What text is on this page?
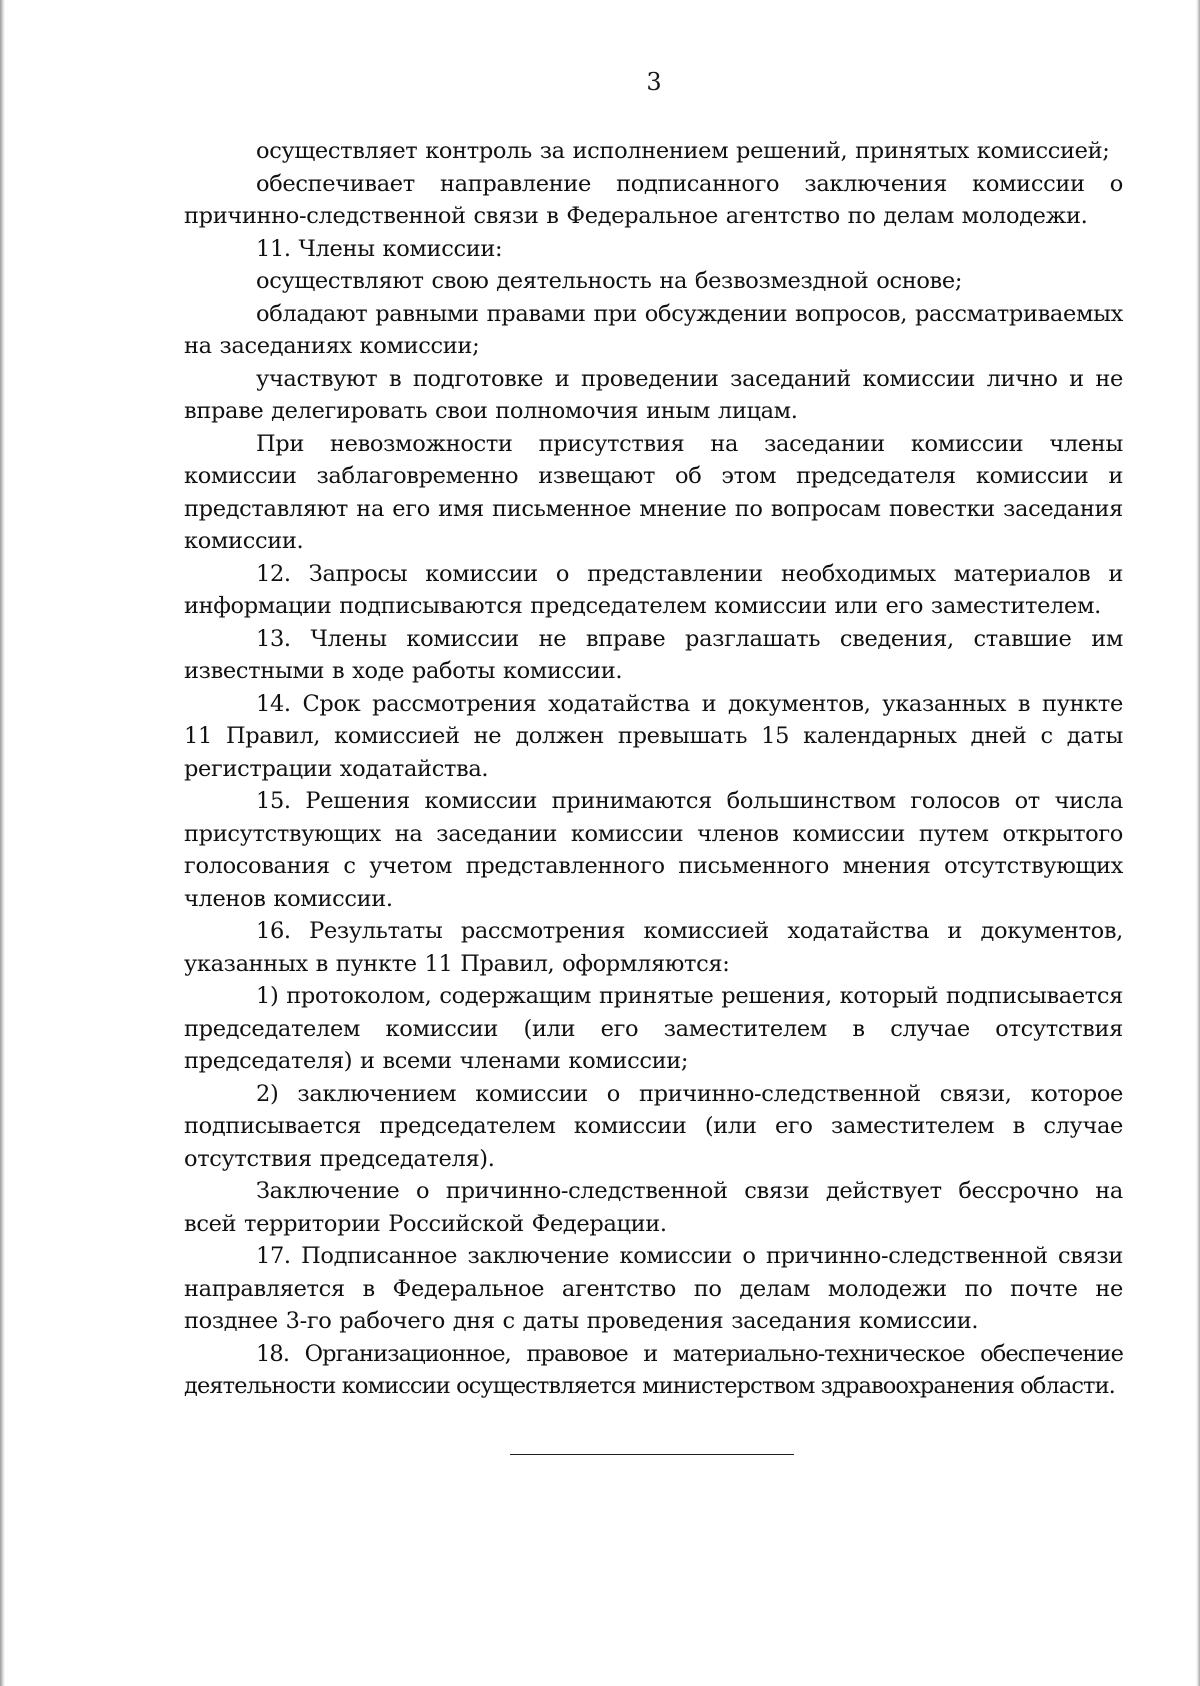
3

осуществляет контроль за исполнением решений, принятых комиссией;

обеспечивает направление подписанного заключения комиссии о причинно-следственной связи в Федеральное агентство по делам молодежи.

11. Члены комиссии:

осуществляют свою деятельность на безвозмездной основе;

обладают равными правами при обсуждении вопросов, рассматриваемых на заседаниях комиссии;

участвуют в подготовке и проведении заседаний комиссии лично и не вправе делегировать свои полномочия иным лицам.

При невозможности присутствия на заседании комиссии члены комиссии заблаговременно извещают об этом председателя комиссии и представляют на его имя письменное мнение по вопросам повестки заседания комиссии.

12. Запросы комиссии о представлении необходимых материалов и информации подписываются председателем комиссии или его заместителем.

13. Члены комиссии не вправе разглашать сведения, ставшие им известными в ходе работы комиссии.

14. Срок рассмотрения ходатайства и документов, указанных в пункте 11 Правил, комиссией не должен превышать 15 календарных дней с даты регистрации ходатайства.

15. Решения комиссии принимаются большинством голосов от числа присутствующих на заседании комиссии членов комиссии путем открытого голосования с учетом представленного письменного мнения отсутствующих членов комиссии.

16. Результаты рассмотрения комиссией ходатайства и документов, указанных в пункте 11 Правил, оформляются:

1) протоколом, содержащим принятые решения, который подписывается председателем комиссии (или его заместителем в случае отсутствия председателя) и всеми членами комиссии;

2) заключением комиссии о причинно-следственной связи, которое подписывается председателем комиссии (или его заместителем в случае отсутствия председателя).

Заключение о причинно-следственной связи действует бессрочно на всей территории Российской Федерации.

17. Подписанное заключение комиссии о причинно-следственной связи направляется в Федеральное агентство по делам молодежи по почте не позднее 3-го рабочего дня с даты проведения заседания комиссии.

18. Организационное, правовое и материально-техническое обеспечение деятельности комиссии осуществляется министерством здравоохранения области.
